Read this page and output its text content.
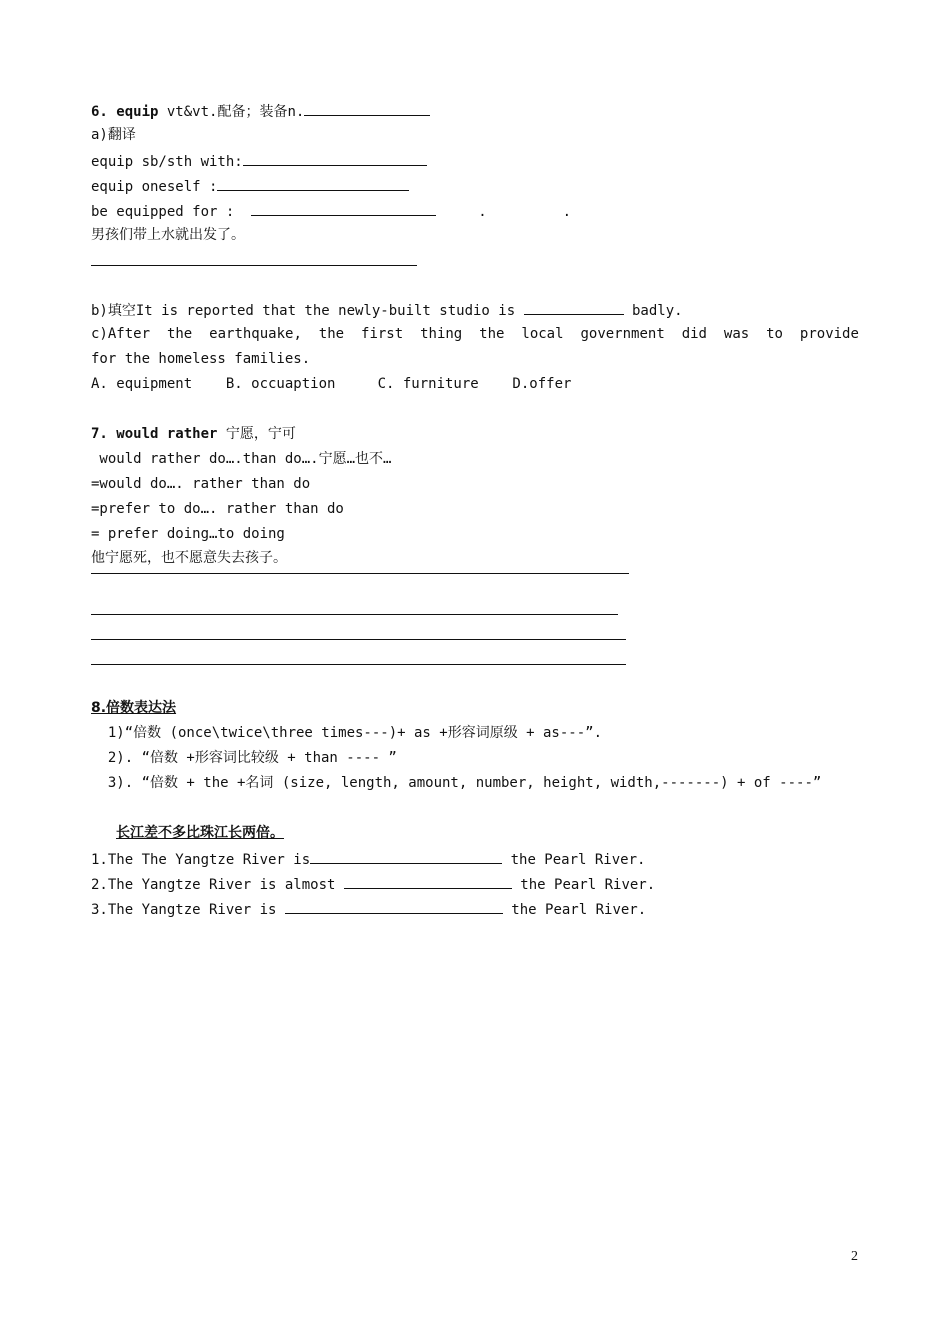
6. equip vt&vt.配备；装备n.
a)翻译
equip sb/sth with:
equip oneself :
be equipped for :	.         .
男孩们带上水就出发了。
b)填空It is reported that the newly-built studio is	badly.
c)After the earthquake, the first thing the local government did was to provide
for the homeless families.
A. equipment    B. occuaption     C. furniture    D.offer
7. would rather 宁愿，宁可
would rather do….than do….宁愿…也不…
=would do…. rather than do
=prefer to do…. rather than do
= prefer doing…to doing
他宁愿死，也不愿意失去孩子。
8.倍数表达法
1)“倍数 (once\twice\three times---)+ as +形容词原级 + as---”.
2). “倍数 +形容词比较级 + than ---- ”
3). “倍数 + the +名词 (size, length, amount, number, height, width,-------) + of ----”
长江差不多比珠江长两倍。
1.The The Yangtze River is	the Pearl River.
2.The Yangtze River is almost	the Pearl River.
3.The Yangtze River is	the Pearl River.
2
